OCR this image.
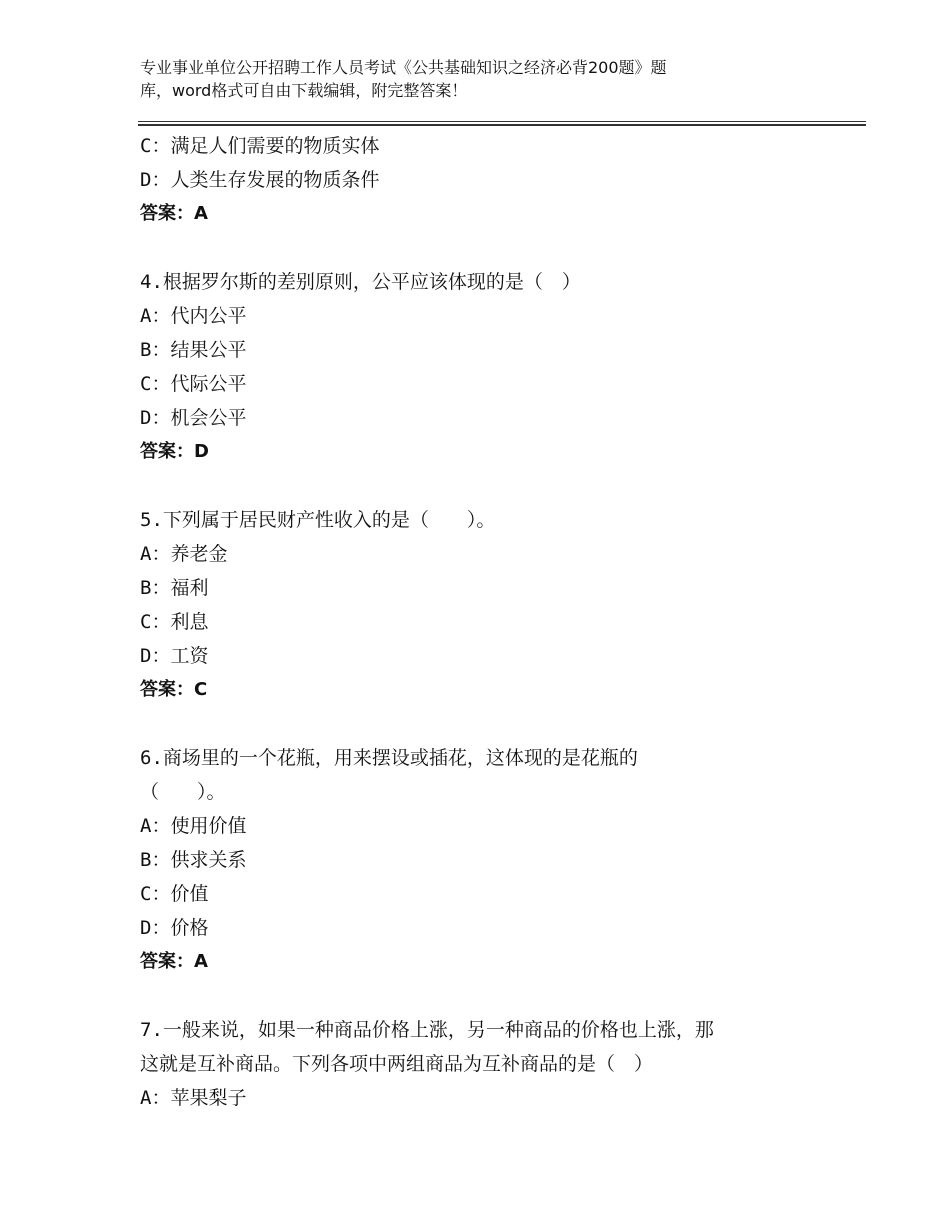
专业事业单位公开招聘工作人员考试《公共基础知识之经济必背200题》题
库，word格式可自由下载编辑，附完整答案！
C：满足人们需要的物质实体
D：人类生存发展的物质条件
答案：A
4.根据罗尔斯的差别原则，公平应该体现的是（　）
A：代内公平
B：结果公平
C：代际公平
D：机会公平
答案：D
5.下列属于居民财产性收入的是（　　）。
A：养老金
B：福利
C：利息
D：工资
答案：C
6.商场里的一个花瓶，用来摆设或插花，这体现的是花瓶的
（　　）。
A：使用价值
B：供求关系
C：价值
D：价格
答案：A
7.一般来说，如果一种商品价格上涨，另一种商品的价格也上涨，那
这就是互补商品。下列各项中两组商品为互补商品的是（　）
A：苹果梨子
